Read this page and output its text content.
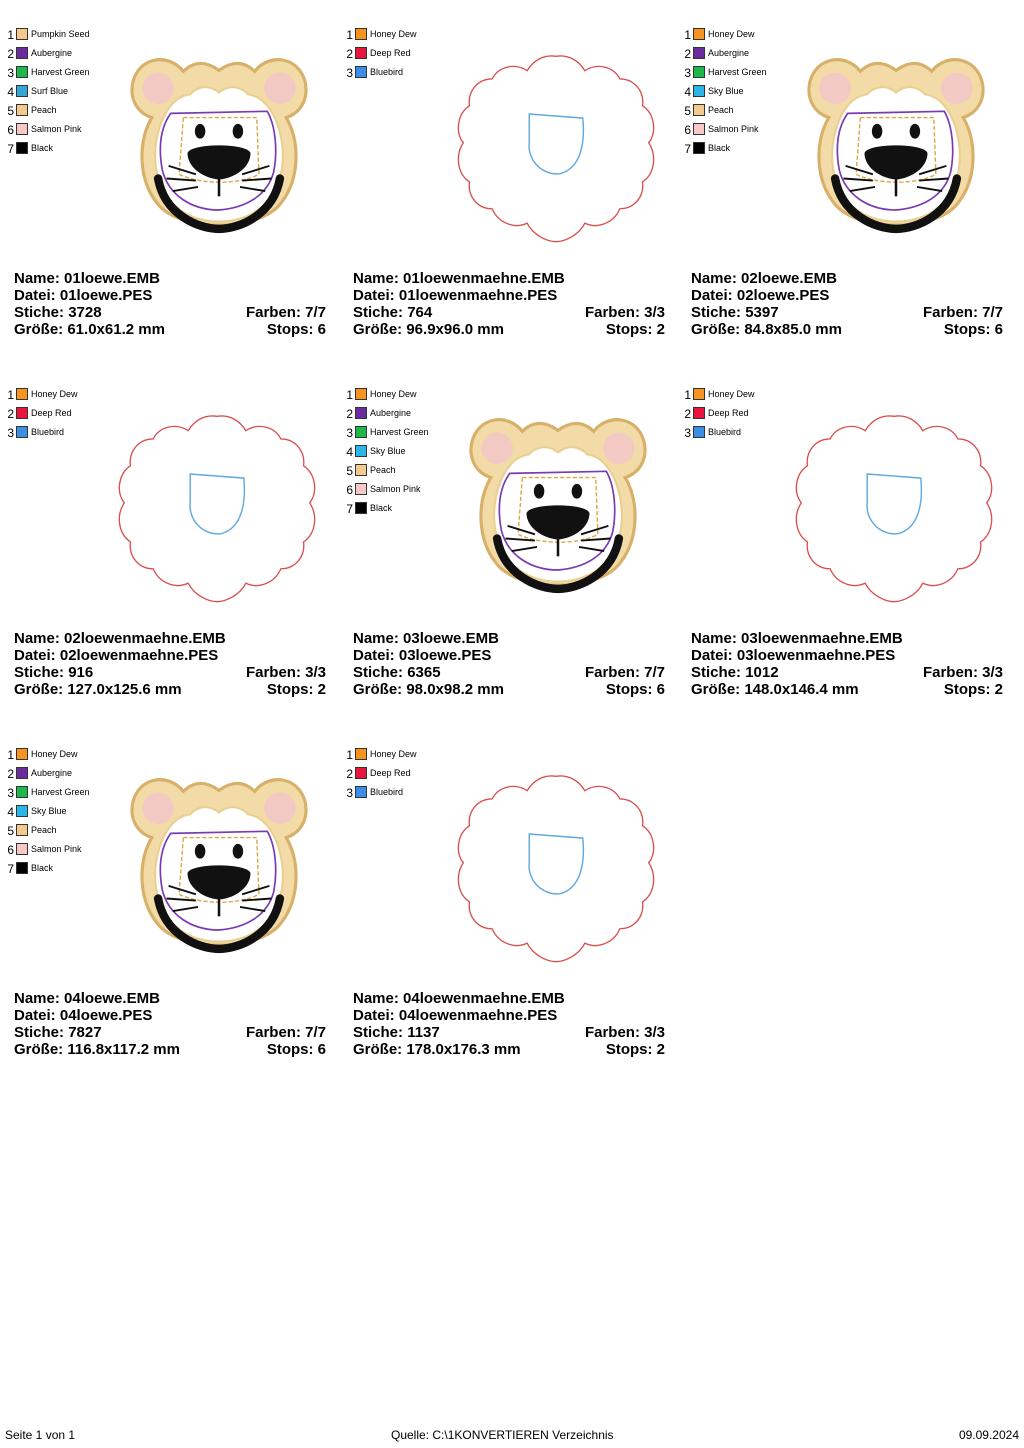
1 Pumpkin Seed
2 Aubergine
3 Harvest Green
4 Surf Blue
5 Peach
6 Salmon Pink
7 Black
Name: 01loewe.EMB
Datei: 01loewe.PES
Stiche: 3728	Farben: 7/7
Größe: 61.0x61.2 mm	Stops: 6
1 Honey Dew
2 Deep Red
3 Bluebird
Name: 01loewenmaehne.EMB
Datei: 01loewenmaehne.PES
Stiche: 764	Farben: 3/3
Größe: 96.9x96.0 mm	Stops: 2
1 Honey Dew
2 Aubergine
3 Harvest Green
4 Sky Blue
5 Peach
6 Salmon Pink
7 Black
Name: 02loewe.EMB
Datei: 02loewe.PES
Stiche: 5397	Farben: 7/7
Größe: 84.8x85.0 mm	Stops: 6
1 Honey Dew
2 Deep Red
3 Bluebird
Name: 02loewenmaehne.EMB
Datei: 02loewenmaehne.PES
Stiche: 916	Farben: 3/3
Größe: 127.0x125.6 mm	Stops: 2
1 Honey Dew
2 Aubergine
3 Harvest Green
4 Sky Blue
5 Peach
6 Salmon Pink
7 Black
Name: 03loewe.EMB
Datei: 03loewe.PES
Stiche: 6365	Farben: 7/7
Größe: 98.0x98.2 mm	Stops: 6
1 Honey Dew
2 Deep Red
3 Bluebird
Name: 03loewenmaehne.EMB
Datei: 03loewenmaehne.PES
Stiche: 1012	Farben: 3/3
Größe: 148.0x146.4 mm	Stops: 2
1 Honey Dew
2 Aubergine
3 Harvest Green
4 Sky Blue
5 Peach
6 Salmon Pink
7 Black
Name: 04loewe.EMB
Datei: 04loewe.PES
Stiche: 7827	Farben: 7/7
Größe: 116.8x117.2 mm	Stops: 6
1 Honey Dew
2 Deep Red
3 Bluebird
Name: 04loewenmaehne.EMB
Datei: 04loewenmaehne.PES
Stiche: 1137	Farben: 3/3
Größe: 178.0x176.3 mm	Stops: 2
Seite 1 von 1	Quelle: C:\1KONVERTIEREN Verzeichnis	09.09.2024
